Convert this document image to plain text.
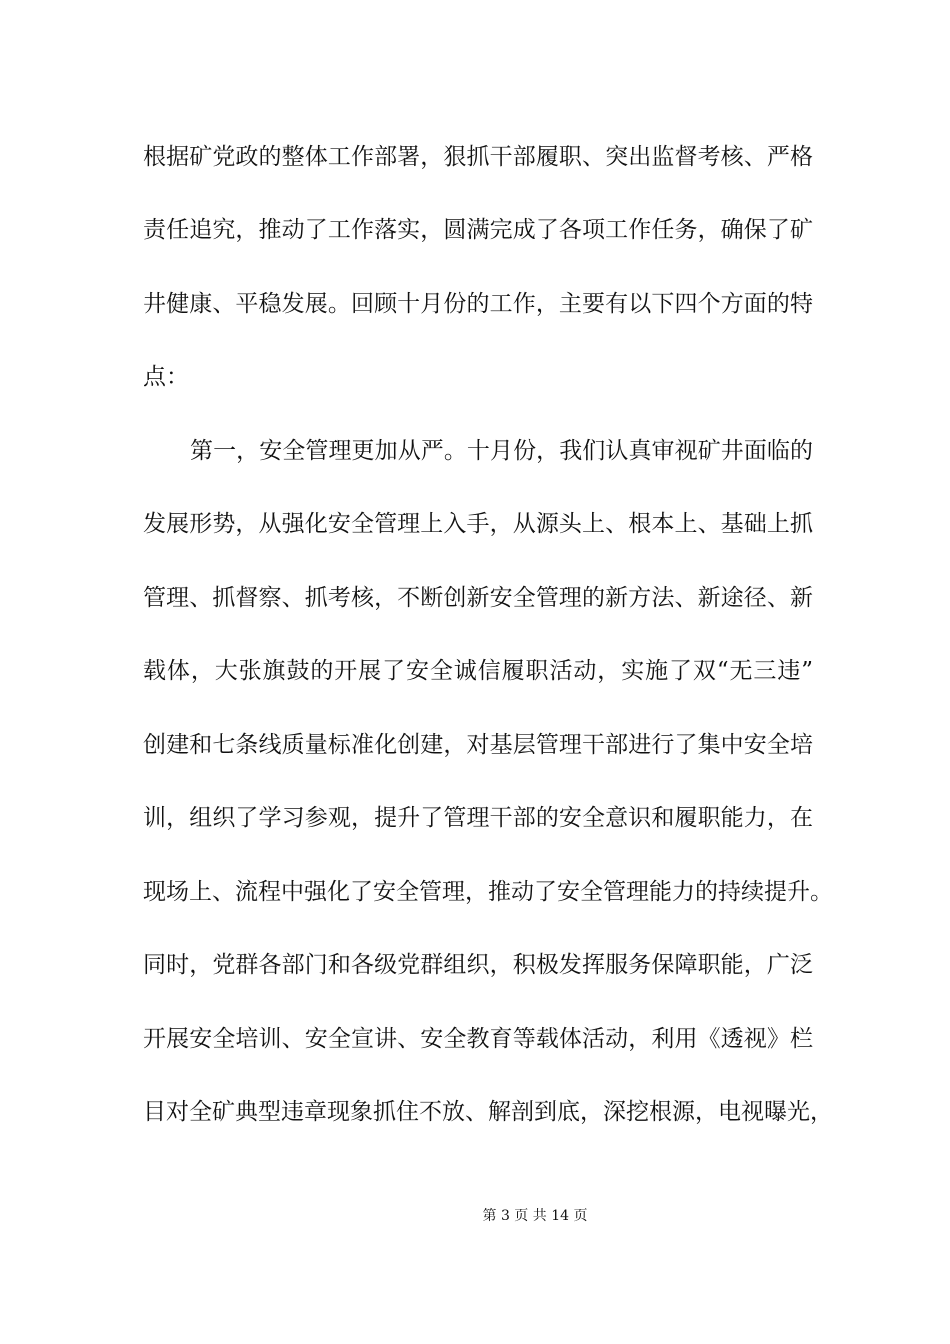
根据矿党政的整体工作部署，狠抓干部履职、突出监督考核、严格
责任追究，推动了工作落实，圆满完成了各项工作任务，确保了矿
井健康、平稳发展。回顾十月份的工作，主要有以下四个方面的特
点：
第一，安全管理更加从严。十月份，我们认真审视矿井面临的
发展形势，从强化安全管理上入手，从源头上、根本上、基础上抓
管理、抓督察、抓考核，不断创新安全管理的新方法、新途径、新
载体，大张旗鼓的开展了安全诚信履职活动，实施了双“无三违”
创建和七条线质量标准化创建，对基层管理干部进行了集中安全培
训，组织了学习参观，提升了管理干部的安全意识和履职能力，在
现场上、流程中强化了安全管理，推动了安全管理能力的持续提升。
同时，党群各部门和各级党群组织，积极发挥服务保障职能，广泛
开展安全培训、安全宣讲、安全教育等载体活动，利用《透视》栏
目对全矿典型违章现象抓住不放、解剖到底，深挖根源，电视曝光，
第 3 页 共 14 页
